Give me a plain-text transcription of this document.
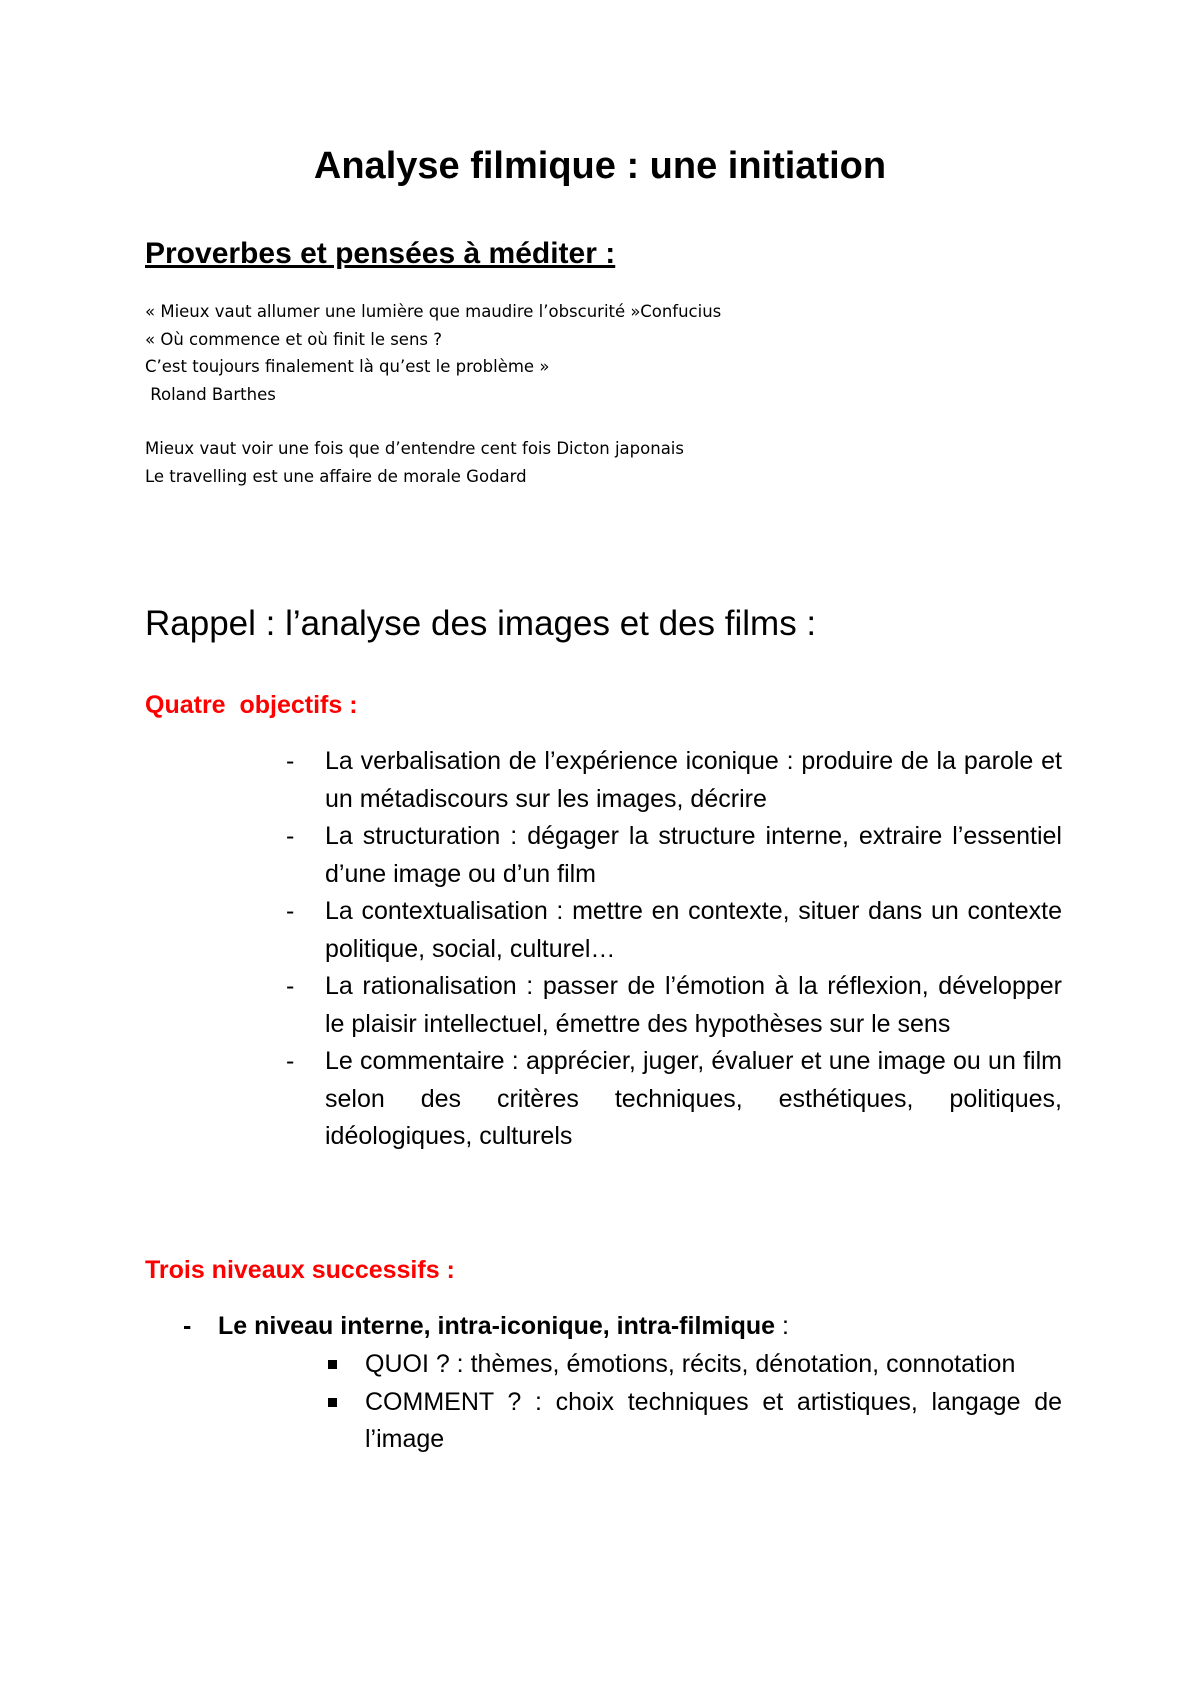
Analyse filmique : une initiation
Proverbes et pensées à méditer :
« Mieux vaut allumer une lumière que maudire l’obscurité »Confucius
« Où commence et où finit le sens ?
C’est toujours finalement là qu’est le problème »
Roland Barthes
Mieux vaut voir une fois que d’entendre cent fois Dicton japonais
Le travelling est une affaire de morale Godard
Rappel : l’analyse des images et des films :
Quatre  objectifs :
- La verbalisation de l’expérience iconique : produire de la parole et un métadiscours sur les images, décrire
- La structuration : dégager la structure interne, extraire l’essentiel d’une image ou d’un film
- La contextualisation : mettre en contexte, situer dans un contexte politique, social, culturel…
- La rationalisation : passer de l’émotion à la réflexion, développer le plaisir intellectuel, émettre des hypothèses sur le sens
- Le commentaire : apprécier, juger, évaluer et une image ou un film selon des critères techniques, esthétiques, politiques, idéologiques, culturels
Trois niveaux successifs :
- Le niveau interne, intra-iconique, intra-filmique :
QUOI ? : thèmes, émotions, récits, dénotation, connotation
COMMENT ? : choix techniques et artistiques, langage de l’image
